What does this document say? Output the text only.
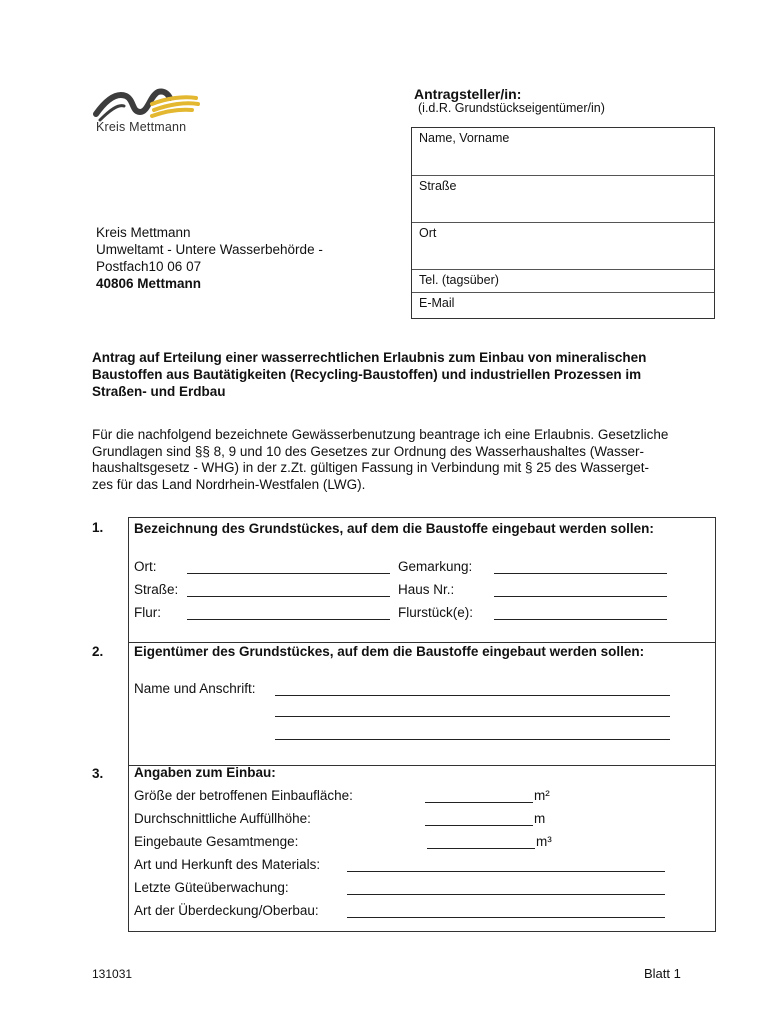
Kreis Mettmann
Antragsteller/in:
(i.d.R. Grundstückseigentümer/in)
Name, Vorname
Straße
Ort
Tel. (tagsüber)
E-Mail
Kreis Mettmann
Umweltamt - Untere Wasserbehörde -
Postfach10 06 07
40806 Mettmann
Antrag auf Erteilung einer wasserrechtlichen Erlaubnis zum Einbau von mineralischen Baustoffen aus Bautätigkeiten (Recycling-Baustoffen) und industriellen Prozessen im Straßen- und Erdbau
Für die nachfolgend bezeichnete Gewässerbenutzung beantrage ich eine Erlaubnis. Gesetzliche
Grundlagen sind §§ 8, 9 und 10 des Gesetzes zur Ordnung des Wasserhaushaltes (Wasser-
haushaltsgesetz - WHG) in der z.Zt. gültigen Fassung in Verbindung mit § 25 des Wasserget-
zes für das Land Nordrhein-Westfalen (LWG).
1. Bezeichnung des Grundstückes, auf dem die Baustoffe eingebaut werden sollen:
Ort:	Gemarkung:
Straße:	Haus Nr.:
Flur:	Flurstück(e):
2. Eigentümer des Grundstückes, auf dem die Baustoffe eingebaut werden sollen:
Name und Anschrift:
3. Angaben zum Einbau:
Größe der betroffenen Einbaufläche:	m²
Durchschnittliche Auffüllhöhe:	m
Eingebaute Gesamtmenge:	m³
Art und Herkunft des Materials:
Letzte Güteüberwachung:
Art der Überdeckung/Oberbau:
131031	Blatt 1
